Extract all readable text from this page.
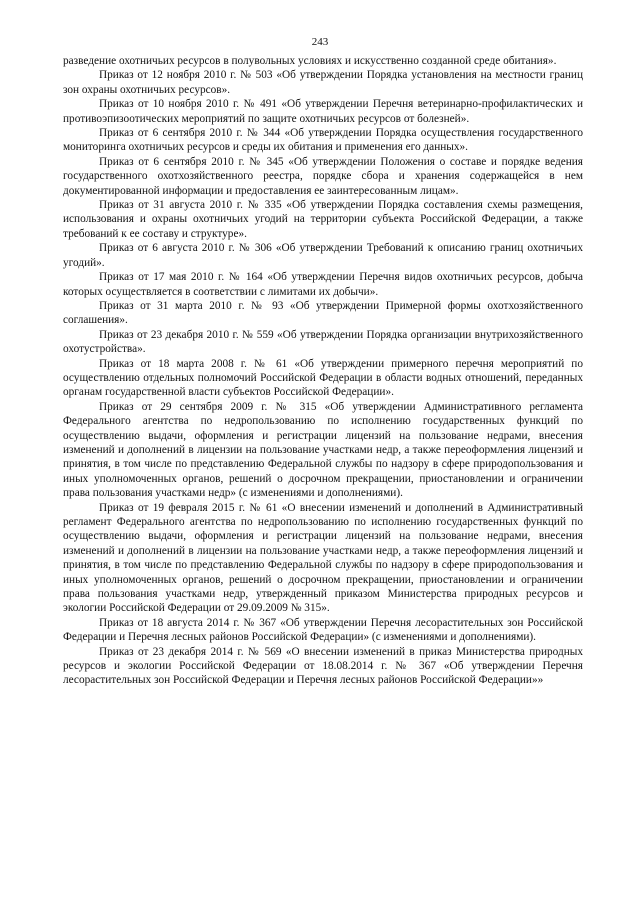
243

разведение охотничьих ресурсов в полувольных условиях и искусственно созданной среде обитания».

Приказ от 12 ноября 2010 г. № 503 «Об утверждении Порядка установления на местности границ зон охраны охотничьих ресурсов».

Приказ от 10 ноября 2010 г. № 491 «Об утверждении Перечня ветеринарно-профилактических и противоэпизоотических мероприятий по защите охотничьих ресурсов от болезней».

Приказ от 6 сентября 2010 г. № 344 «Об утверждении Порядка осуществления государственного мониторинга охотничьих ресурсов и среды их обитания и применения его данных».

Приказ от 6 сентября 2010 г. № 345 «Об утверждении Положения о составе и порядке ведения государственного охотхозяйственного реестра, порядке сбора и хранения содержащейся в нем документированной информации и предоставления ее заинтересованным лицам».

Приказ от 31 августа 2010 г. № 335 «Об утверждении Порядка составления схемы размещения, использования и охраны охотничьих угодий на территории субъекта Российской Федерации, а также требований к ее составу и структуре».

Приказ от 6 августа 2010 г. № 306 «Об утверждении Требований к описанию границ охотничьих угодий».

Приказ от 17 мая 2010 г. № 164 «Об утверждении Перечня видов охотничьих ресурсов, добыча которых осуществляется в соответствии с лимитами их добычи».

Приказ от 31 марта 2010 г. № 93 «Об утверждении Примерной формы охотхозяйственного соглашения».

Приказ от 23 декабря 2010 г. № 559 «Об утверждении Порядка организации внутрихозяйственного охотустройства».

Приказ от 18 марта 2008 г. № 61 «Об утверждении примерного перечня мероприятий по осуществлению отдельных полномочий Российской Федерации в области водных отношений, переданных органам государственной власти субъектов Российской Федерации».

Приказ от 29 сентября 2009 г. № 315 «Об утверждении Административного регламента Федерального агентства по недропользованию по исполнению государственных функций по осуществлению выдачи, оформления и регистрации лицензий на пользование недрами, внесения изменений и дополнений в лицензии на пользование участками недр, а также переоформления лицензий и принятия, в том числе по представлению Федеральной службы по надзору в сфере природопользования и иных уполномоченных органов, решений о досрочном прекращении, приостановлении и ограничении права пользования участками недр» (с изменениями и дополнениями).

Приказ от 19 февраля 2015 г. № 61 «О внесении изменений и дополнений в Административный регламент Федерального агентства по недропользованию по исполнению государственных функций по осуществлению выдачи, оформления и регистрации лицензий на пользование недрами, внесения изменений и дополнений в лицензии на пользование участками недр, а также переоформления лицензий и принятия, в том числе по представлению Федеральной службы по надзору в сфере природопользования и иных уполномоченных органов, решений о досрочном прекращении, приостановлении и ограничении права пользования участками недр, утвержденный приказом Министерства природных ресурсов и экологии Российской Федерации от 29.09.2009 № 315».

Приказ от 18 августа 2014 г. № 367 «Об утверждении Перечня лесорастительных зон Российской Федерации и Перечня лесных районов Российской Федерации» (с изменениями и дополнениями).

Приказ от 23 декабря 2014 г. № 569 «О внесении изменений в приказ Министерства природных ресурсов и экологии Российской Федерации от 18.08.2014 г. № 367 «Об утверждении Перечня лесорастительных зон Российской Федерации и Перечня лесных районов Российской Федерации»»
